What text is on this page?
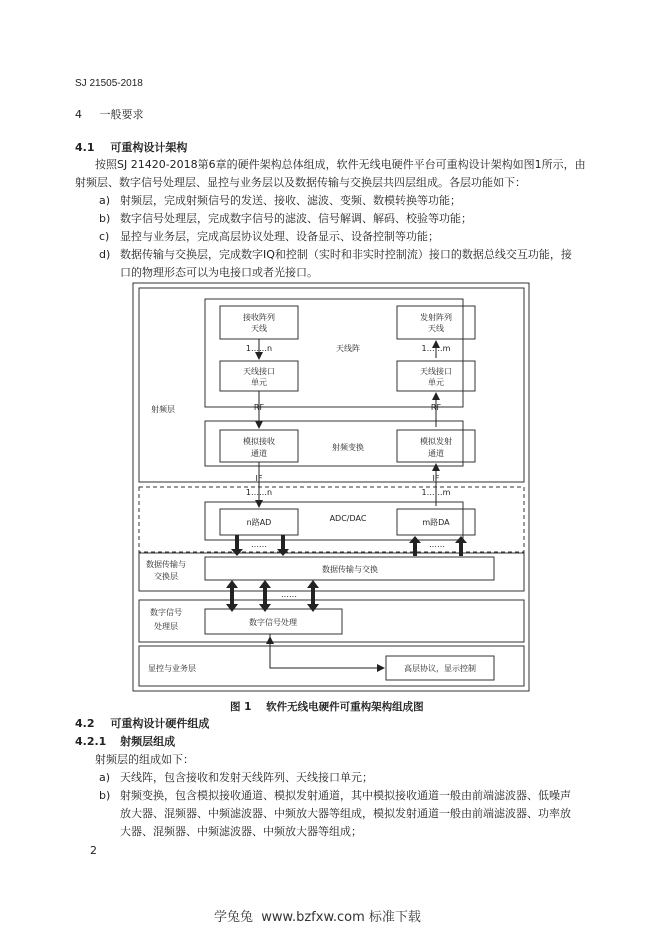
SJ 21505-2018
4 一般要求
4.1 可重构设计架构
按照SJ 21420-2018第6章的硬件架构总体组成，软件无线电硬件平台可重构设计架构如图1所示，由
射频层、数字信号处理层、显控与业务层以及数据传输与交换层共四层组成。各层功能如下：
a) 射频层，完成射频信号的发送、接收、滤波、变频、数模转换等功能；
b) 数字信号处理层，完成数字信号的滤波、信号解调、解码、校验等功能；
c) 显控与业务层，完成高层协议处理、设备显示、设备控制等功能；
d) 数据传输与交换层，完成数字IQ和控制（实时和非实时控制流）接口的数据总线交互功能，接
口的物理形态可以为电接口或者光接口。
接收阵列
天线
发射阵列
天线
1……n	1……m
天线阵
天线接口
单元
天线接口
单元
RF	RF
射频层
模拟接收
通道
模拟发射
通道
射频变换
IF	IF
1……n	1……m
n路AD	m路DA
ADC/DAC
……	……
……
数据传输与
交换层
数据传输与交换
数字信号
处理层	数字信号处理
显控与业务层	高层协议，显示控制
图 1    软件无线电硬件可重构架构组成图
4.2 可重构设计硬件组成
4.2.1 射频层组成
射频层的组成如下：
a) 天线阵，包含接收和发射天线阵列、天线接口单元；
b) 射频变换，包含模拟接收通道、模拟发射通道，其中模拟接收通道一般由前端滤波器、低噪声
放大器、混频器、中频滤波器、中频放大器等组成，模拟发射通道一般由前端滤波器、功率放
大器、混频器、中频滤波器、中频放大器等组成；
2
学兔兔  www.bzfxw.com 标准下载
